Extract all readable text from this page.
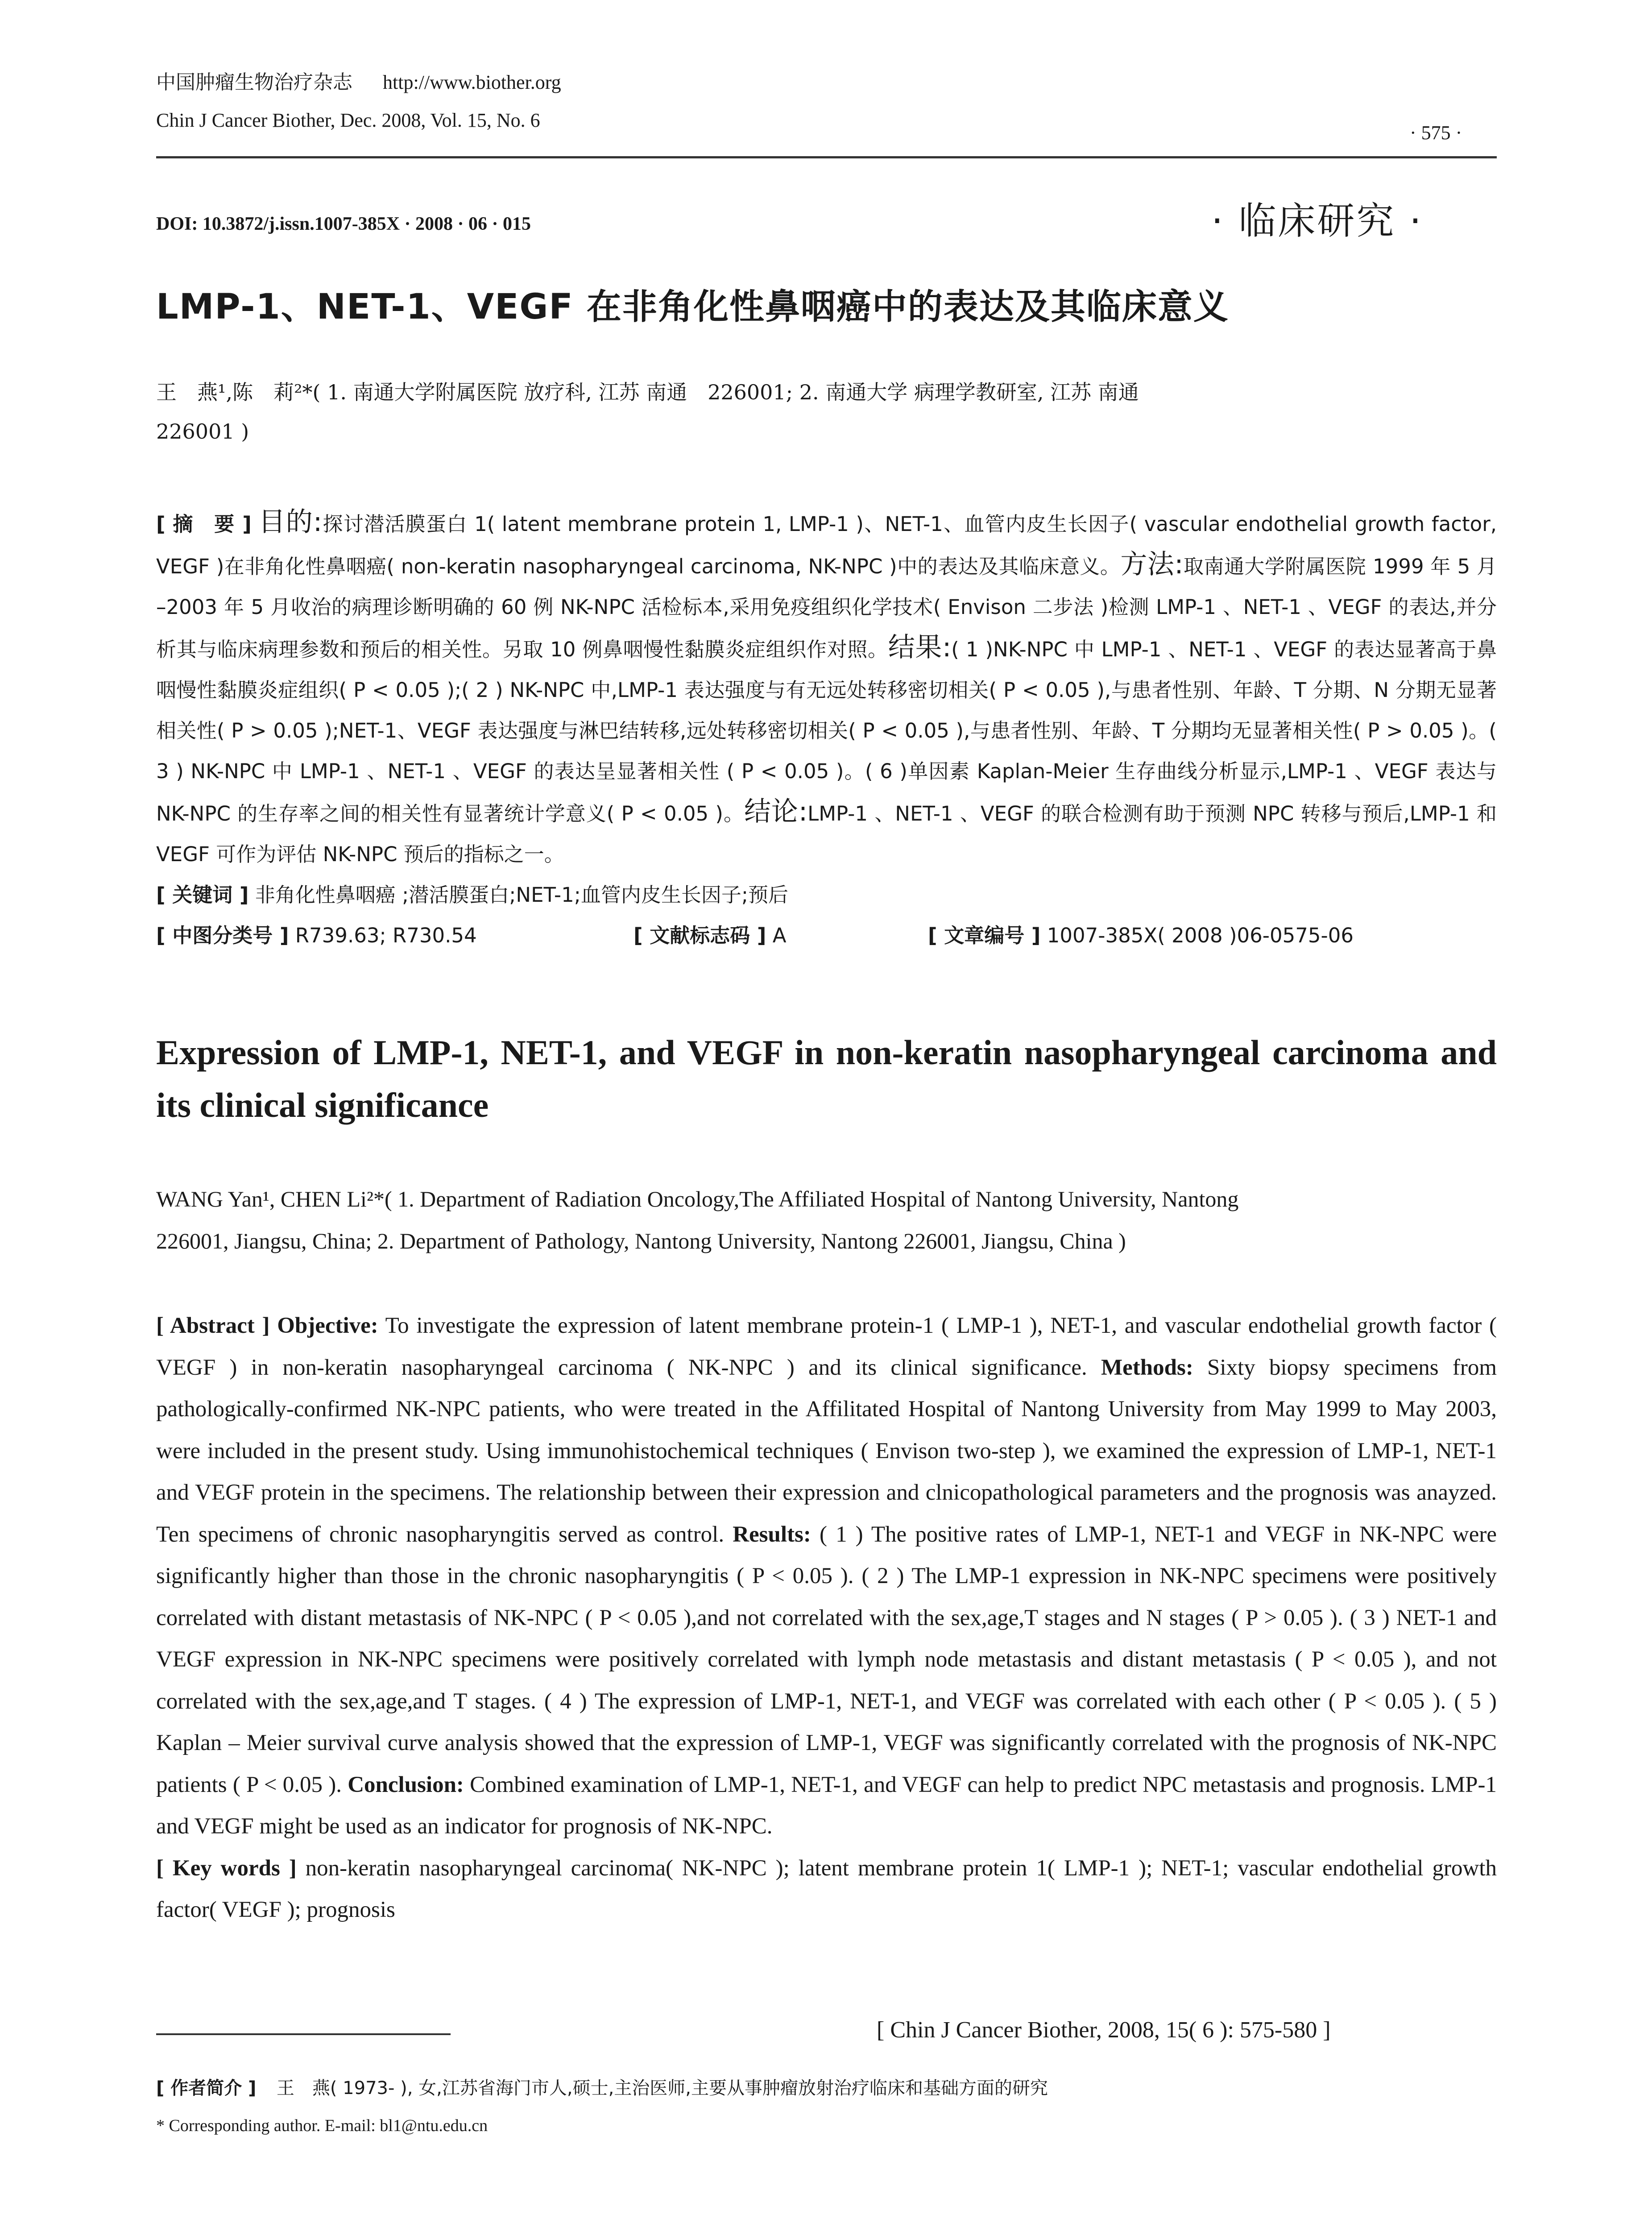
中国肿瘤生物治疗杂志 http://www.biother.org
Chin J Cancer Biother, Dec. 2008, Vol. 15, No. 6
· 575 ·
DOI: 10.3872/j.issn.1007-385X · 2008 · 06 · 015	· 临床研究 ·
LMP-1、NET-1、VEGF 在非角化性鼻咽癌中的表达及其临床意义
王　燕¹,陈　莉²*( 1. 南通大学附属医院 放疗科, 江苏 南通　226001; 2. 南通大学 病理学教研室, 江苏 南通
226001 )

[ 摘　要 ] 目的:探讨潜活膜蛋白 1( latent membrane protein 1, LMP-1 )、NET-1、血管内皮生长因子( vascular endothelial growth factor, VEGF )在非角化性鼻咽癌( non-keratin nasopharyngeal carcinoma, NK-NPC )中的表达及其临床意义。方法:取南通大学附属医院 1999 年 5 月 –2003 年 5 月收治的病理诊断明确的 60 例 NK-NPC 活检标本,采用免疫组织化学技术( Envison 二步法 )检测 LMP-1 、NET-1 、VEGF 的表达,并分析其与临床病理参数和预后的相关性。另取 10 例鼻咽慢性黏膜炎症组织作对照。结果:( 1 )NK-NPC 中 LMP-1 、NET-1 、VEGF 的表达显著高于鼻咽慢性黏膜炎症组织( P < 0.05 );( 2 ) NK-NPC 中,LMP-1 表达强度与有无远处转移密切相关( P < 0.05 ),与患者性别、年龄、T 分期、N 分期无显著相关性( P > 0.05 );NET-1、VEGF 表达强度与淋巴结转移,远处转移密切相关( P < 0.05 ),与患者性别、年龄、T 分期均无显著相关性( P > 0.05 )。( 3 ) NK-NPC 中 LMP-1 、NET-1 、VEGF 的表达呈显著相关性 ( P < 0.05 )。( 6 )单因素 Kaplan-Meier 生存曲线分析显示,LMP-1 、VEGF 表达与 NK-NPC 的生存率之间的相关性有显著统计学意义( P < 0.05 )。结论:LMP-1 、NET-1 、VEGF 的联合检测有助于预测 NPC 转移与预后,LMP-1 和 VEGF 可作为评估 NK-NPC 预后的指标之一。

[ 关键词 ] 非角化性鼻咽癌 ;潜活膜蛋白;NET-1;血管内皮生长因子;预后

[ 中图分类号 ] R739.63; R730.54	[ 文献标志码 ] A	[ 文章编号 ] 1007-385X( 2008 )06-0575-06

Expression of LMP-1, NET-1, and VEGF in non-keratin nasopharyngeal carcinoma and its clinical significance
WANG Yan¹, CHEN Li²*( 1. Department of Radiation Oncology,The Affiliated Hospital of Nantong University, Nantong
226001, Jiangsu, China; 2. Department of Pathology, Nantong University, Nantong 226001, Jiangsu, China )

[ Abstract ] Objective: To investigate the expression of latent membrane protein-1 ( LMP-1 ), NET-1, and vascular endothelial growth factor ( VEGF ) in non-keratin nasopharyngeal carcinoma ( NK-NPC ) and its clinical significance. Methods: Sixty biopsy specimens from pathologically-confirmed NK-NPC patients, who were treated in the Affilitated Hospital of Nantong University from May 1999 to May 2003, were included in the present study. Using immunohistochemical techniques ( Envison two-step ), we examined the expression of LMP-1, NET-1 and VEGF protein in the specimens. The relationship between their expression and clnicopathological parameters and the prognosis was anayzed. Ten specimens of chronic nasopharyngitis served as control. Results: ( 1 ) The positive rates of LMP-1, NET-1 and VEGF in NK-NPC were significantly higher than those in the chronic nasopharyngitis ( P < 0.05 ). ( 2 ) The LMP-1 expression in NK-NPC specimens were positively correlated with distant metastasis of NK-NPC ( P < 0.05 ),and not correlated with the sex,age,T stages and N stages ( P > 0.05 ). ( 3 ) NET-1 and VEGF expression in NK-NPC specimens were positively correlated with lymph node metastasis and distant metastasis ( P < 0.05 ), and not correlated with the sex,age,and T stages. ( 4 ) The expression of LMP-1, NET-1, and VEGF was correlated with each other ( P < 0.05 ). ( 5 ) Kaplan – Meier survival curve analysis showed that the expression of LMP-1, VEGF was significantly correlated with the prognosis of NK-NPC patients ( P < 0.05 ). Conclusion: Combined examination of LMP-1, NET-1, and VEGF can help to predict NPC metastasis and prognosis. LMP-1 and VEGF might be used as an indicator for prognosis of NK-NPC.

[ Key words ] non-keratin nasopharyngeal carcinoma( NK-NPC ); latent membrane protein 1( LMP-1 ); NET-1; vascular endothelial growth factor( VEGF ); prognosis

[ Chin J Cancer Biother, 2008, 15( 6 ): 575-580 ]
[ 作者简介 ] 王　燕( 1973- ), 女,江苏省海门市人,硕士,主治医师,主要从事肿瘤放射治疗临床和基础方面的研究
* Corresponding author. E-mail: bl1@ntu.edu.cn
